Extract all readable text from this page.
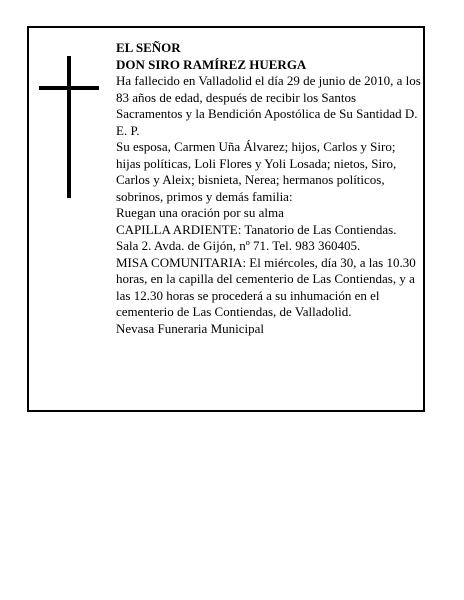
EL SEÑOR

DON SIRO RAMÍREZ HUERGA

Ha fallecido en Valladolid el día 29 de junio de 2010, a los 83 años de edad, después de recibir los Santos Sacramentos y la Bendición Apostólica de Su Santidad D. E. P.

Su esposa, Carmen Uña Álvarez; hijos, Carlos y Siro; hijas políticas, Loli Flores y Yoli Losada; nietos, Siro, Carlos y Aleix; bisnieta, Nerea; hermanos políticos, sobrinos, primos y demás familia:

Ruegan una oración por su alma

CAPILLA ARDIENTE: Tanatorio de Las Contiendas. Sala 2. Avda. de Gijón, nº 71. Tel. 983 360405.

MISA COMUNITARIA: El miércoles, día 30, a las 10.30 horas, en la capilla del cementerio de Las Contiendas, y a las 12.30 horas se procederá a su inhumación en el cementerio de Las Contiendas, de Valladolid.

Nevasa Funeraria Municipal
